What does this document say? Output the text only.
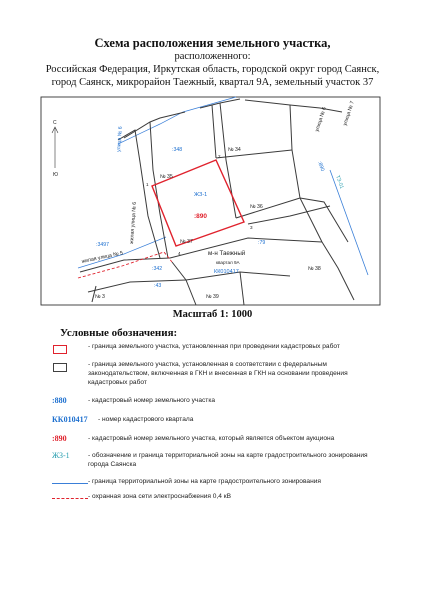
Схема расположения земельного участка,
расположенного:
Российская Федерация, Иркутская область, городской округ город Саянск,
город Саянск, микрорайон Таежный, квартал 9А, земельный участок 37
С
Ю
улица № 6
улица № 6
улица № 7
жилая улица № 6
жилая улица № 5
№ 34
№ 35
№ 36
№ 37
№ 38
№ 39
№ 3
:348
:890
:890
:79
:3497
:342
:43
ЖЗ-1
ТЗ-01
м-н Таежный
квартал 9А
КК010417
1
2
3
4
Масштаб 1: 1000
Условные обозначения:
- граница земельного участка, установленная при проведении кадастровых работ
- граница земельного участка, установленная в соответствии с федеральным законодательством, включенная в ГКН и внесенная в ГКН на основании проведения кадастровых работ
:880	- кадастровый номер земельного участка
КК010417 - номер кадастрового квартала
:890	- кадастровый номер земельного участка, который является объектом аукциона
ЖЗ-1	- обозначение и граница территориальной зоны на карте градостроительного зонирования города Саянска
- граница территориальной зоны на карте градостроительного зонирования
- охранная зона сети электроснабжения 0,4 кВ
